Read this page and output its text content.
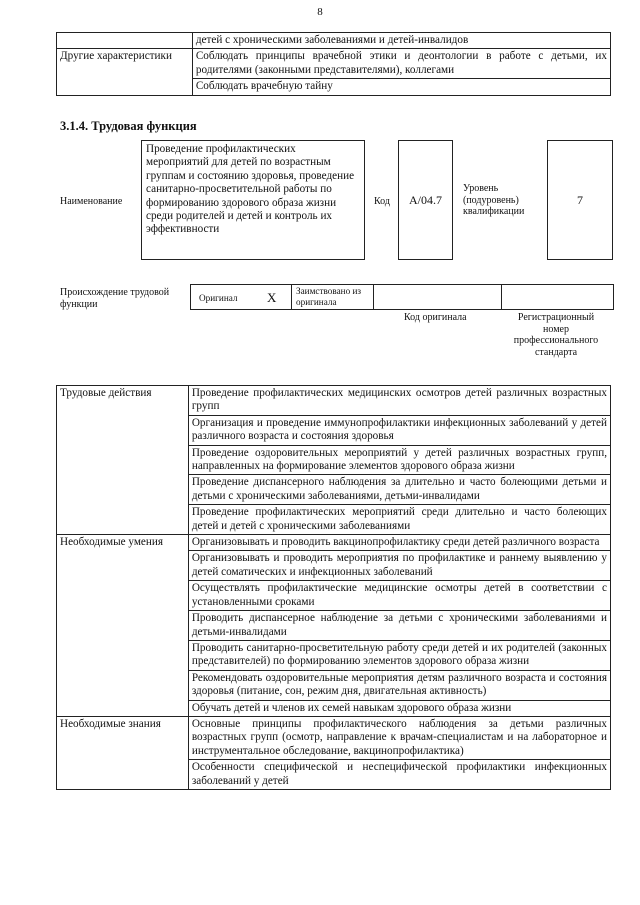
8
	детей с хроническими заболеваниями и детей-инвалидов
Другие характеристики	Соблюдать принципы врачебной этики и деонтологии в работе с детьми, их родителями (законными представителями), коллегами
	Соблюдать врачебную тайну
3.1.4. Трудовая функция
Наименование
Проведение профилактических мероприятий для детей по возрастным группам и состоянию здоровья, проведение санитарно-просветительной работы по формированию здорового образа жизни среди родителей и детей и контроль их эффективности
Код	A/04.7
Уровень (подуровень) квалификации
7
Происхождение трудовой функции
Оригинал X Заимствовано из оригинала
Код оригинала	Регистрационный номер профессионального стандарта
Трудовые действия	Проведение профилактических медицинских осмотров детей различных возрастных групп
	Организация и проведение иммунопрофилактики инфекционных заболеваний у детей различного возраста и состояния здоровья
	Проведение оздоровительных мероприятий у детей различных возрастных групп, направленных на формирование элементов здорового образа жизни
	Проведение диспансерного наблюдения за длительно и часто болеющими детьми и детьми с хроническими заболеваниями, детьми-инвалидами
	Проведение профилактических мероприятий среди длительно и часто болеющих детей и детей с хроническими заболеваниями
Необходимые умения	Организовывать и проводить вакцинопрофилактику среди детей различного возраста
	Организовывать и проводить мероприятия по профилактике и раннему выявлению у детей соматических и инфекционных заболеваний
	Осуществлять профилактические медицинские осмотры детей в соответствии с установленными сроками
	Проводить диспансерное наблюдение за детьми с хроническими заболеваниями и детьми-инвалидами
	Проводить санитарно-просветительную работу среди детей и их родителей (законных представителей) по формированию элементов здорового образа жизни
	Рекомендовать оздоровительные мероприятия детям различного возраста и состояния здоровья (питание, сон, режим дня, двигательная активность)
	Обучать детей и членов их семей навыкам здорового образа жизни
Необходимые знания	Основные принципы профилактического наблюдения за детьми различных возрастных групп (осмотр, направление к врачам-специалистам и на лабораторное и инструментальное обследование, вакцинопрофилактика)
	Особенности специфической и неспецифической профилактики инфекционных заболеваний у детей
